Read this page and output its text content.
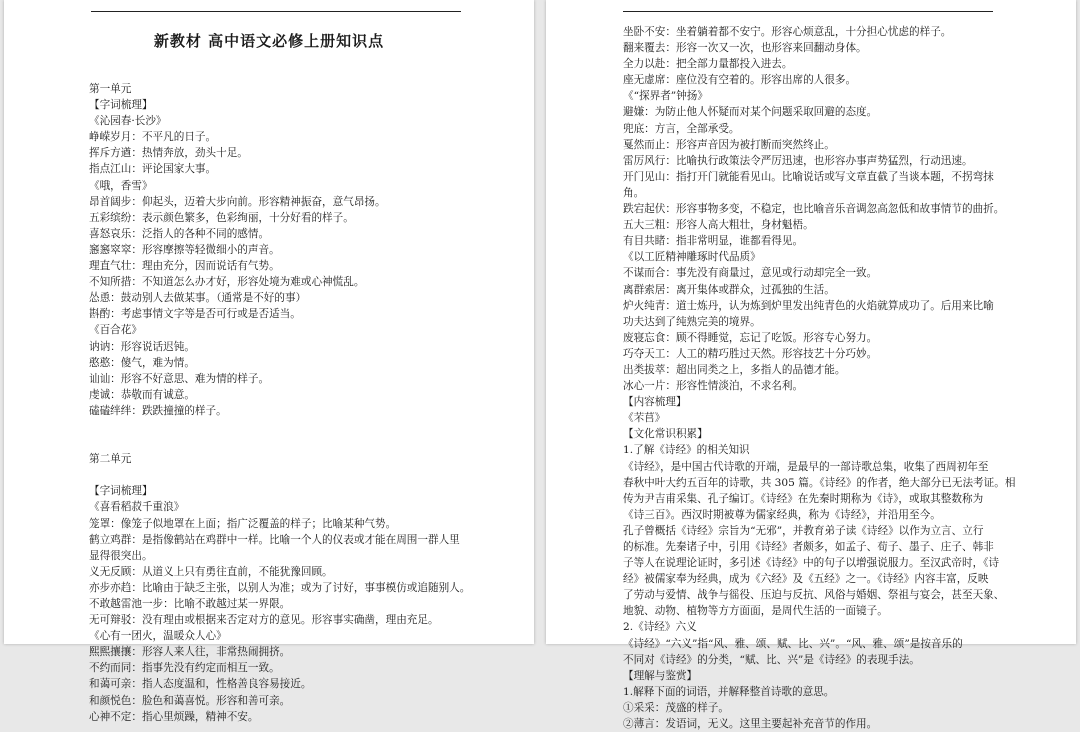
新教材 高中语文必修上册知识点
第一单元
【字词梳理】
《沁园春·长沙》
峥嵘岁月：不平凡的日子。
挥斥方遒：热情奔放，劲头十足。
指点江山：评论国家大事。
《哦，香雪》
昂首阔步：仰起头，迈着大步向前。形容精神振奋，意气昂扬。
五彩缤纷：表示颜色繁多，色彩绚丽，十分好看的样子。
喜怒哀乐：泛指人的各种不同的感情。
窸窸窣窣：形容摩擦等轻微细小的声音。
理直气壮：理由充分，因而说话有气势。
不知所措：不知道怎么办才好，形容处境为难或心神慌乱。
怂恿：鼓动别人去做某事。（通常是不好的事）
斟酌：考虑事情文字等是否可行或是否适当。
《百合花》
讷讷：形容说话迟钝。
憨憨：傻气，难为情。
讪讪：形容不好意思、难为情的样子。
虔诚：恭敬而有诚意。
磕磕绊绊：跌跌撞撞的样子。
第二单元
【字词梳理】
《喜看稻菽千重浪》
笼罩：像笼子似地罩在上面；指广泛覆盖的样子；比喻某种气势。
鹤立鸡群：是指像鹤站在鸡群中一样。比喻一个人的仪表或才能在周围一群人里
显得很突出。
义无反顾：从道义上只有勇往直前，不能犹豫回顾。
亦步亦趋：比喻由于缺乏主张，以别人为准；或为了讨好，事事模仿或追随别人。
不敢越雷池一步：比喻不敢越过某一界限。
无可辩驳：没有理由或根据来否定对方的意见。形容事实确凿，理由充足。
《心有一团火，温暖众人心》
熙熙攘攘：形容人来人往，非常热闹拥挤。
不约而同：指事先没有约定而相互一致。
和蔼可亲：指人态度温和，性格善良容易接近。
和颜悦色：脸色和蔼喜悦。形容和善可亲。
心神不定：指心里烦躁，精神不安。
坐卧不安：坐着躺着都不安宁。形容心烦意乱，十分担心忧虑的样子。
翻来覆去：形容一次又一次，也形容来回翻动身体。
全力以赴：把全部力量都投入进去。
座无虚席：座位没有空着的。形容出席的人很多。
《“探界者”钟扬》
避嫌：为防止他人怀疑而对某个问题采取回避的态度。
兜底：方言，全部承受。
戛然而止：形容声音因为被打断而突然终止。
雷厉风行：比喻执行政策法令严厉迅速，也形容办事声势猛烈，行动迅速。
开门见山：指打开门就能看见山。比喻说话或写文章直截了当谈本题，不拐弯抹
角。
跌宕起伏：形容事物多变，不稳定，也比喻音乐音调忽高忽低和故事情节的曲折。
五大三粗：形容人高大粗壮，身材魁梧。
有目共睹：指非常明显，谁都看得见。
《以工匠精神雕琢时代品质》
不谋而合：事先没有商量过，意见或行动却完全一致。
离群索居：离开集体或群众，过孤独的生活。
炉火纯青：道士炼丹，认为炼到炉里发出纯青色的火焰就算成功了。后用来比喻
功夫达到了纯熟完美的境界。
废寝忘食：顾不得睡觉，忘记了吃饭。形容专心努力。
巧夺天工：人工的精巧胜过天然。形容技艺十分巧妙。
出类拔萃：超出同类之上，多指人的品德才能。
冰心一片：形容性情淡泊，不求名利。
【内容梳理】
《芣苢》
【文化常识积累】
1.了解《诗经》的相关知识
《诗经》，是中国古代诗歌的开端，是最早的一部诗歌总集，收集了西周初年至
春秋中叶大约五百年的诗歌，共 305 篇。《诗经》的作者，绝大部分已无法考证。相
传为尹吉甫采集、孔子编订。《诗经》在先秦时期称为《诗》，或取其整数称为
《诗三百》。西汉时期被尊为儒家经典，称为《诗经》，并沿用至今。
孔子曾概括《诗经》宗旨为“无邪”，并教育弟子读《诗经》以作为立言、立行
的标准。先秦诸子中，引用《诗经》者颇多，如孟子、荀子、墨子、庄子、韩非
子等人在说理论证时，多引述《诗经》中的句子以增强说服力。至汉武帝时，《诗
经》被儒家奉为经典，成为《六经》及《五经》之一。《诗经》内容丰富，反映
了劳动与爱情、战争与徭役、压迫与反抗、风俗与婚姻、祭祖与宴会，甚至天象、
地貌、动物、植物等方方面面，是周代生活的一面镜子。
2.《诗经》六义
《诗经》“六义”指“风、雅、颂、赋、比、兴”。“风、雅、颂”是按音乐的
不同对《诗经》的分类，“赋、比、兴”是《诗经》的表现手法。
【理解与鉴赏】
1.解释下面的词语，并解释整首诗歌的意思。
①采采：茂盛的样子。
②薄言：发语词，无义。这里主要起补充音节的作用。
